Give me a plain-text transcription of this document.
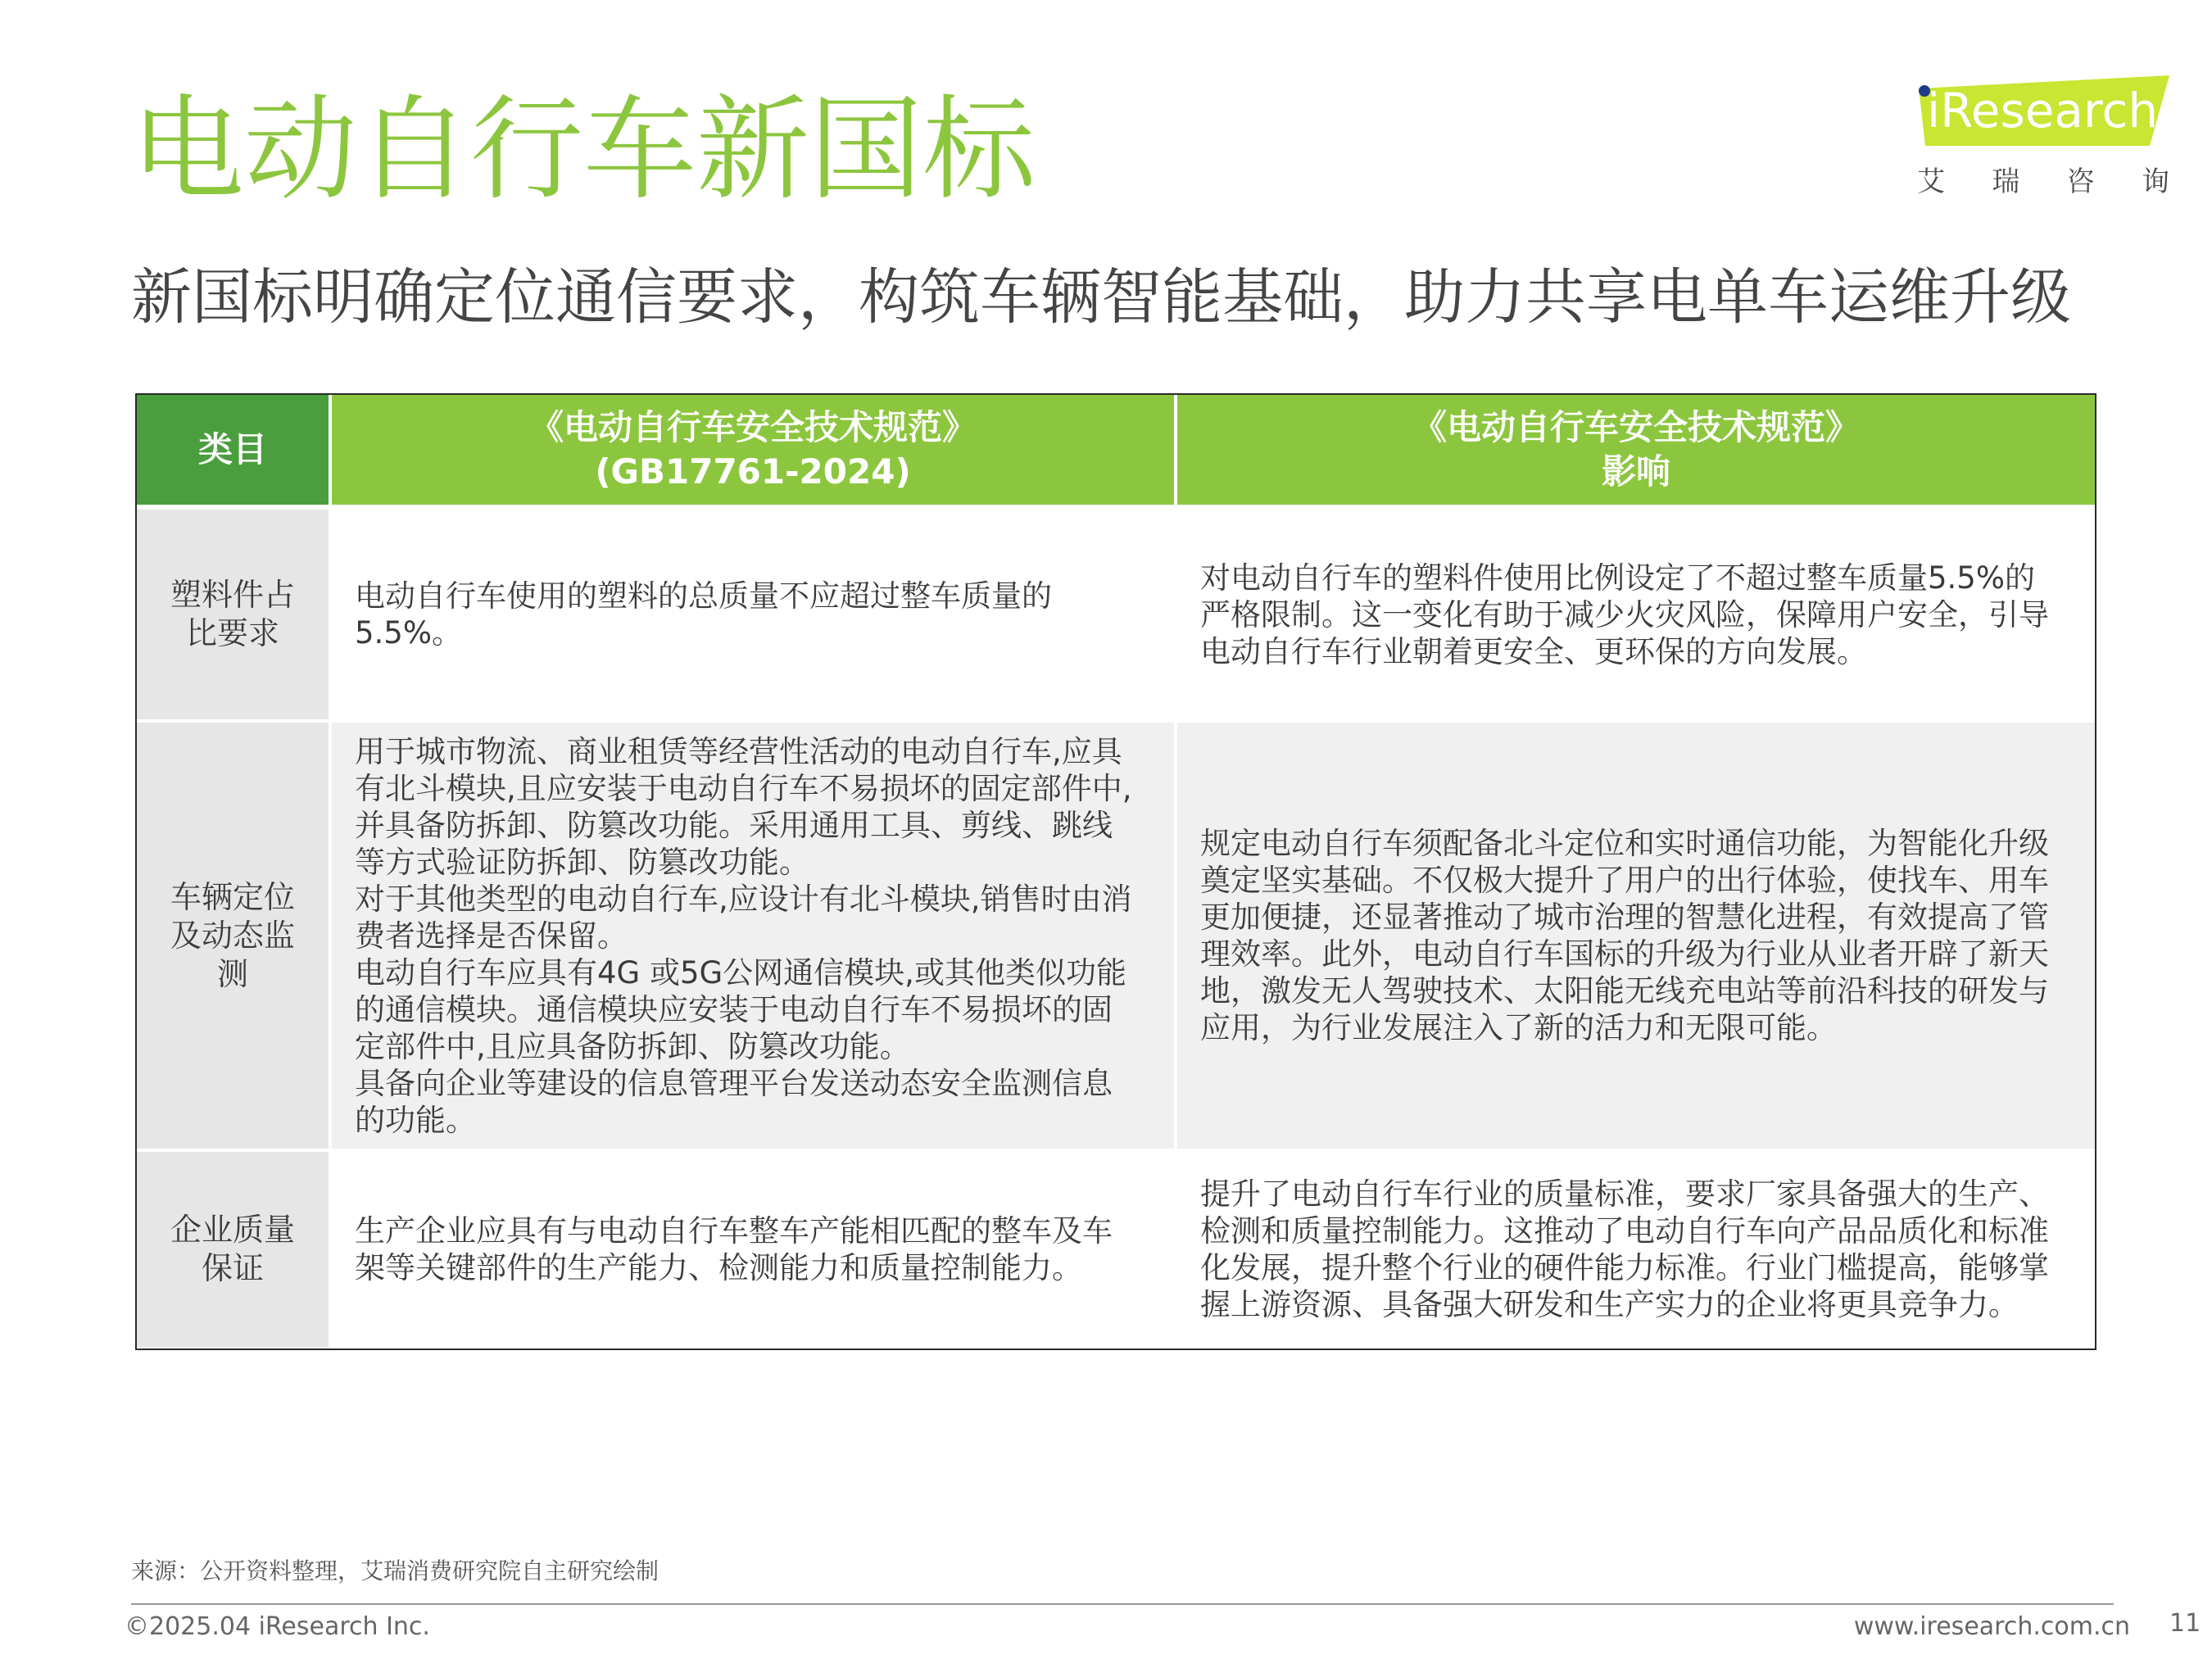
电动自行车新国标
新国标明确定位通信要求，构筑车辆智能基础，助力共享电单车运维升级
iResearch
艾 瑞 咨 询
类目
《电动自行车安全技术规范》
(GB17761-2024)
《电动自行车安全技术规范》
影响
塑料件占比要求
电动自行车使用的塑料的总质量不应超过整车质量的5.5%。
对电动自行车的塑料件使用比例设定了不超过整车质量5.5%的严格限制。这一变化有助于减少火灾风险，保障用户安全，引导电动自行车行业朝着更安全、更环保的方向发展。
车辆定位及动态监测
用于城市物流、商业租赁等经营性活动的电动自行车,应具有北斗模块,且应安装于电动自行车不易损坏的固定部件中,并具备防拆卸、防篡改功能。采用通用工具、剪线、跳线等方式验证防拆卸、防篡改功能。
对于其他类型的电动自行车,应设计有北斗模块,销售时由消费者选择是否保留。
电动自行车应具有4G 或5G公网通信模块,或其他类似功能的通信模块。通信模块应安装于电动自行车不易损坏的固定部件中,且应具备防拆卸、防篡改功能。
具备向企业等建设的信息管理平台发送动态安全监测信息的功能。
规定电动自行车须配备北斗定位和实时通信功能，为智能化升级奠定坚实基础。不仅极大提升了用户的出行体验，使找车、用车更加便捷，还显著推动了城市治理的智慧化进程，有效提高了管理效率。此外，电动自行车国标的升级为行业从业者开辟了新天地，激发无人驾驶技术、太阳能无线充电站等前沿科技的研发与应用，为行业发展注入了新的活力和无限可能。
企业质量保证
生产企业应具有与电动自行车整车产能相匹配的整车及车架等关键部件的生产能力、检测能力和质量控制能力。
提升了电动自行车行业的质量标准，要求厂家具备强大的生产、检测和质量控制能力。这推动了电动自行车向产品品质化和标准化发展，提升整个行业的硬件能力标准。行业门槛提高，能够掌握上游资源、具备强大研发和生产实力的企业将更具竞争力。
来源：公开资料整理，艾瑞消费研究院自主研究绘制
©2025.04 iResearch Inc.	www.iresearch.com.cn 11
